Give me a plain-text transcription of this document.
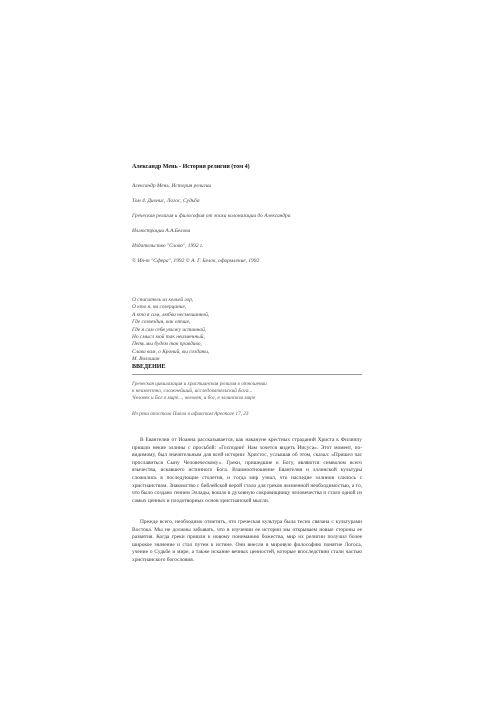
Александр Мень - История религии (том 4)
Александр Мень. История религии
Том 4. Дионис, Логос, Судьба
Греческая религия и философия от эпохи колонизации до Александра
Иллюстрации А.А.Белова
Издательство "Слово", 1992 г.
© Ин-т "Сфера", 1992 © А. Г. Белов, оформление, 1992
О спаситель из кельей гор,
О кто я, ни созерцание,
А кто я сам, любви несмешанной,
Где созвездия, как отчие,
Где я сам себя увижу истинной,
Но смысл мой так неизменный,
Петь мы будем так правдиво,
Слава вам, о Кроний, вы созданы,
М. Волошин
ВВЕДЕНИЕ
Греческая цивилизация и христианская религия в отношении
к неизвестно, сложнейший, исследовательский Бога...
Человек и Бог в мире..., человек, и бог, в эллинском мире
Из речи апостола Павла в афинском Ареопаге 17, 23
В Евангелии от Иоанна рассказывается, как накануне крестных страданий Христа к Филиппу пришли некие эллины с просьбой: «Господин! Нам хочется видеть Иисуса». Этот момент, по-видимому, был значительным для всей истории: Христос, услышав об этом, сказал: «Пришел час прославиться Сыну Человеческому». Греки, пришедшие к Богу, являются символом всего язычества, искавшего истинного Бога. Взаимоотношение Евангелия и эллинской культуры сложились в последующие столетия, и тогда мир узнал, что наследие эллинов слилось с христианством. Знакомство с библейской верой стало для греков жизненной необходимостью, а то, что было создано гением Эллады, вошло в духовную сокровищницу человечества и стало одной из самых ценных и плодотворных основ христианской мысли.
Прежде всего, необходимо отметить, что греческая культура была тесно связана с культурами Востока. Мы не должны забывать, что в изучении ее истории мы открываем новые стороны ее развития. Когда греки пришли к новому пониманию божества, мир их религии получил более широкое значение и стал путем к истине. Они внесли в мировую философию понятие Логоса, учение о Судьбе и мире, а также искание вечных ценностей, которые впоследствии стали частью христианского богословия.
